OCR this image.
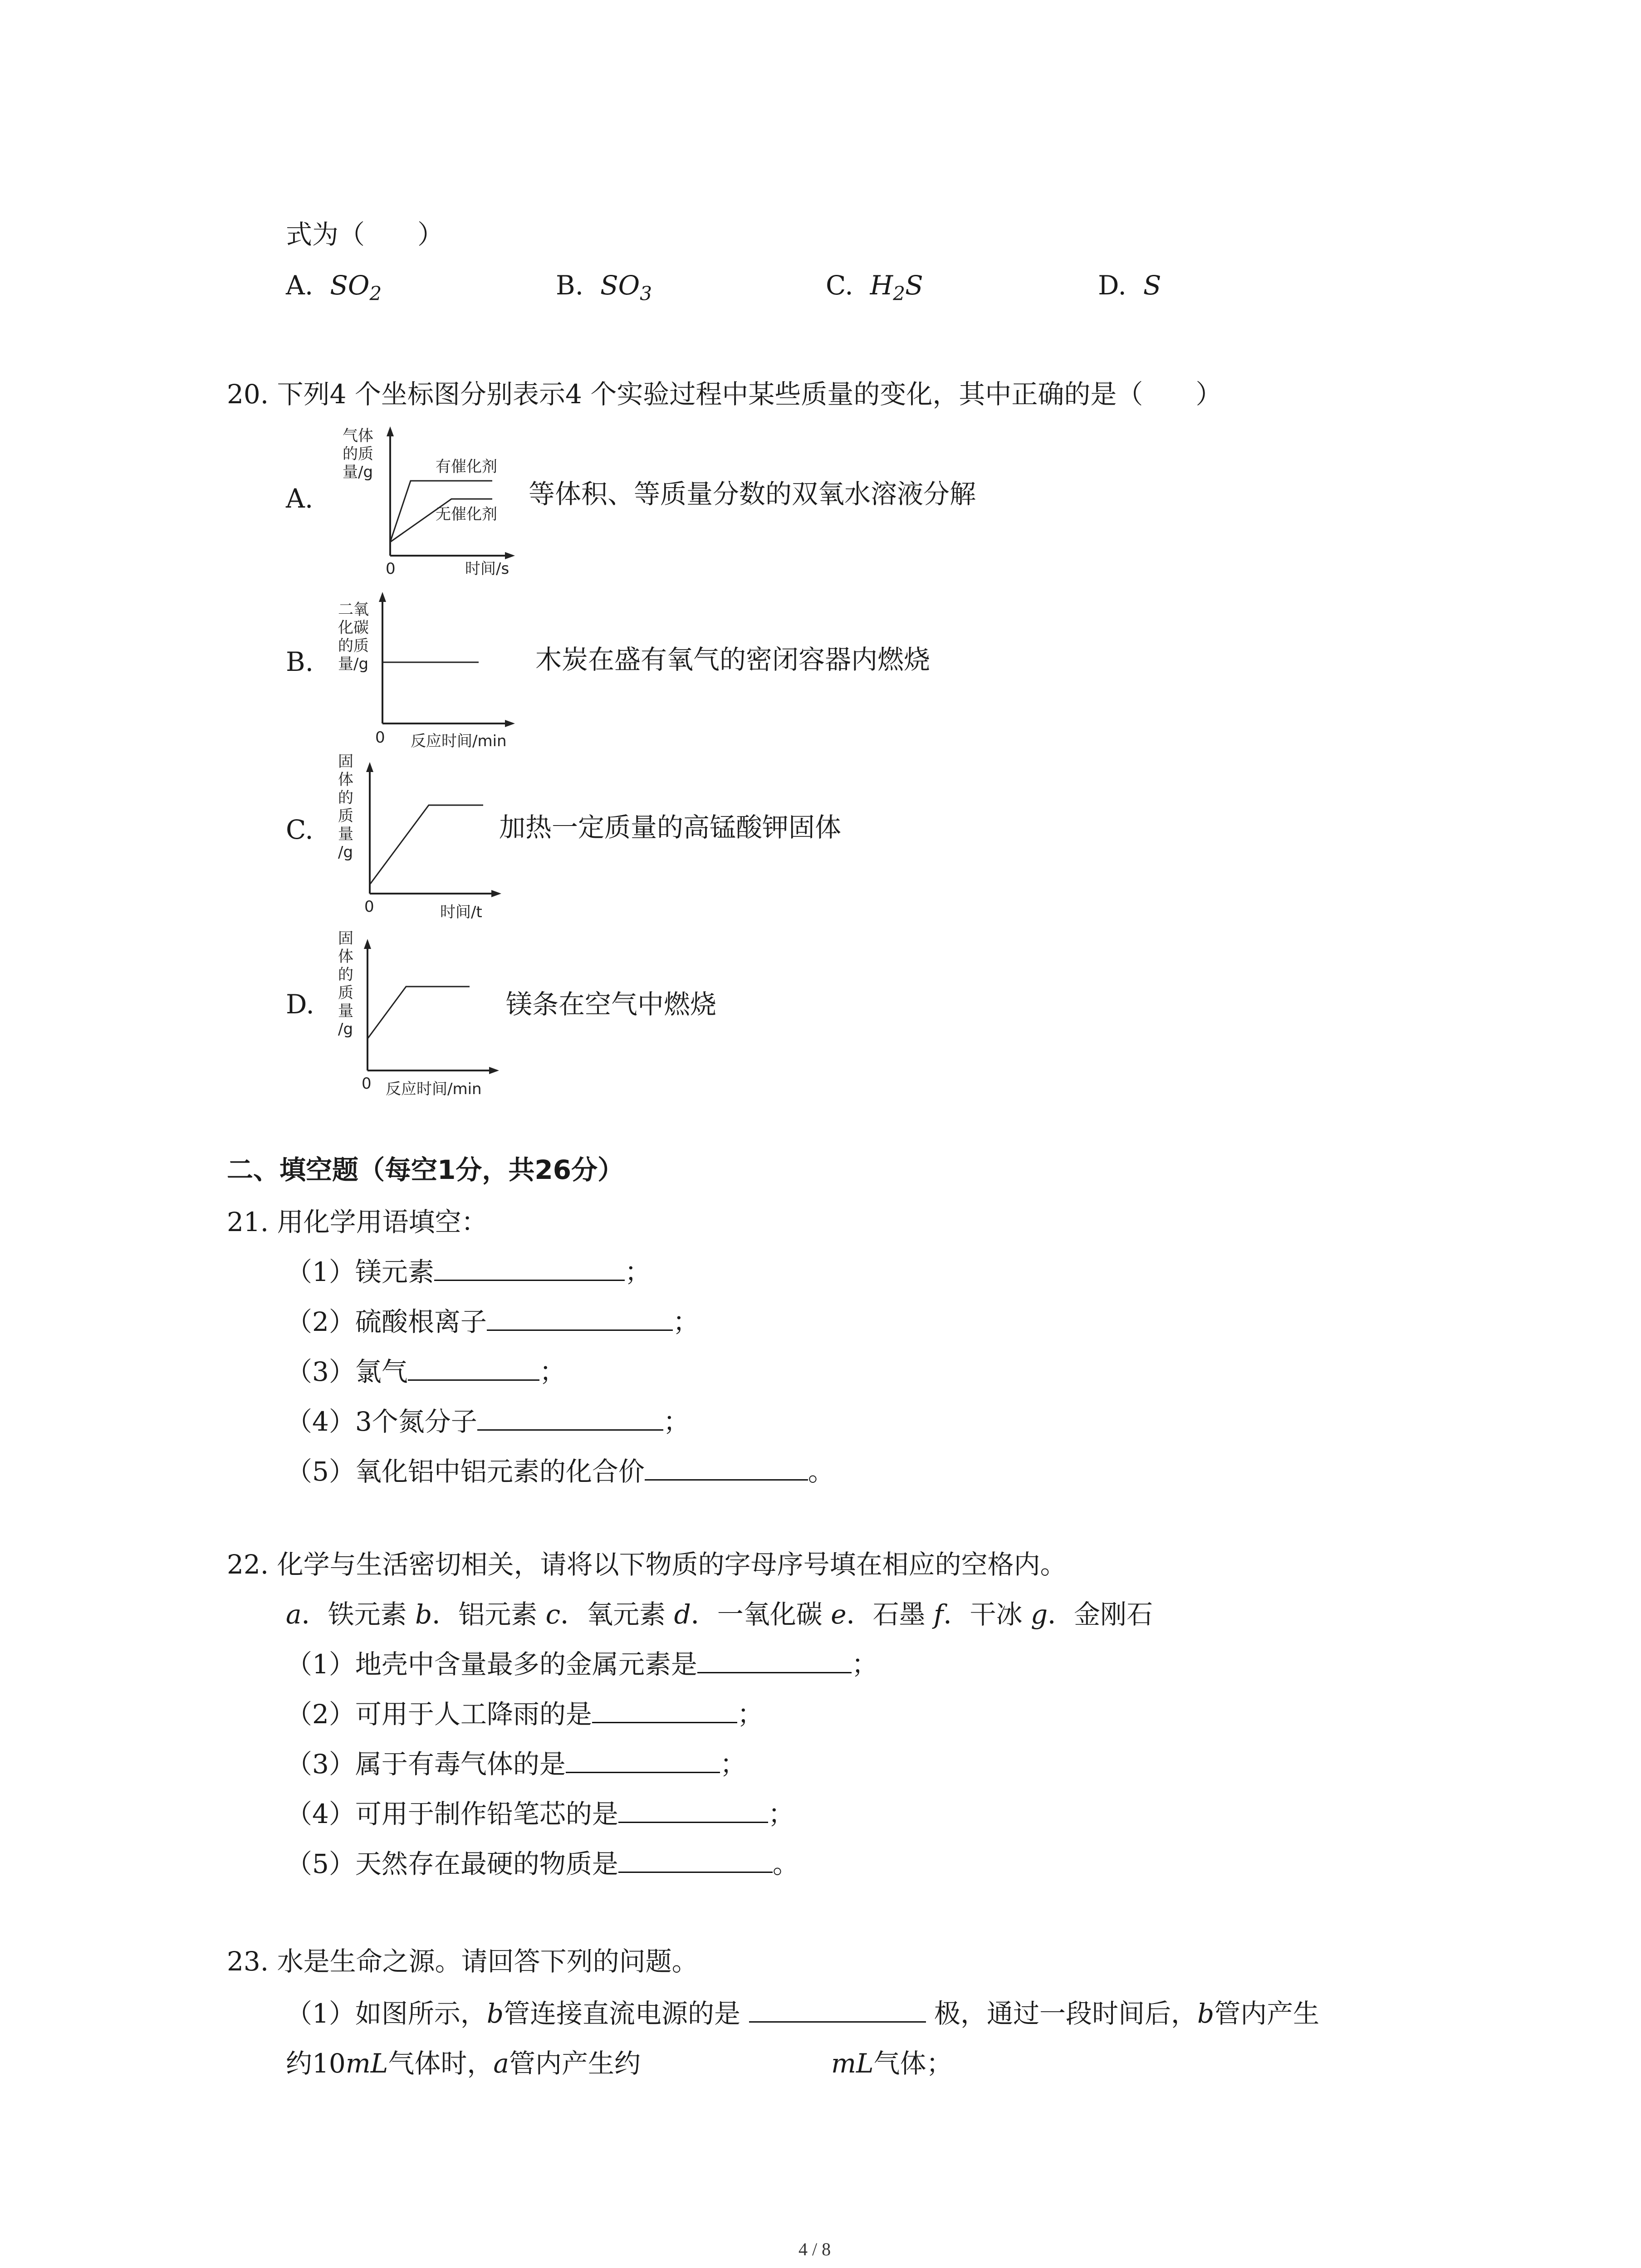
式为（　　）
A. $SO_2$	B. $SO_3$	C. $H_2S$	D. S
20. 下列4 个坐标图分别表示4 个实验过程中某些质量的变化，其中正确的是（　　）
A.
气体
的质
量/g	有催化剂
无催化剂
0	时间/s
等体积、等质量分数的双氧水溶液分解
B.
二氧
化碳
的质
量/g
0 反应时间/min
木炭在盛有氧气的密闭容器内燃烧
C.
固
体
的
质
量
/g
0	时间/t
加热一定质量的高锰酸钾固体
D.
固
体
的
质
量
/g
0 反应时间/min
镁条在空气中燃烧
二、填空题（每空1分，共26分）
21. 用化学用语填空：
（1）镁元素	；
（2）硫酸根离子	；
（3）氯气	；
（4）3个氮分子	；
（5）氧化铝中铝元素的化合价	。
22. 化学与生活密切相关，请将以下物质的字母序号填在相应的空格内。
a．铁元素 b．铝元素 c．氧元素 d．一氧化碳 e．石墨 f．干冰 g．金刚石
（1）地壳中含量最多的金属元素是	；
（2）可用于人工降雨的是	；
（3）属于有毒气体的是	；
（4）可用于制作铅笔芯的是	；
（5）天然存在最硬的物质是	。
23. 水是生命之源。请回答下列的问题。
（1）如图所示，b管连接直流电源的是	极，通过一段时间后，b管内产生
约10mL气体时，a管内产生约	mL气体；
4 / 8
